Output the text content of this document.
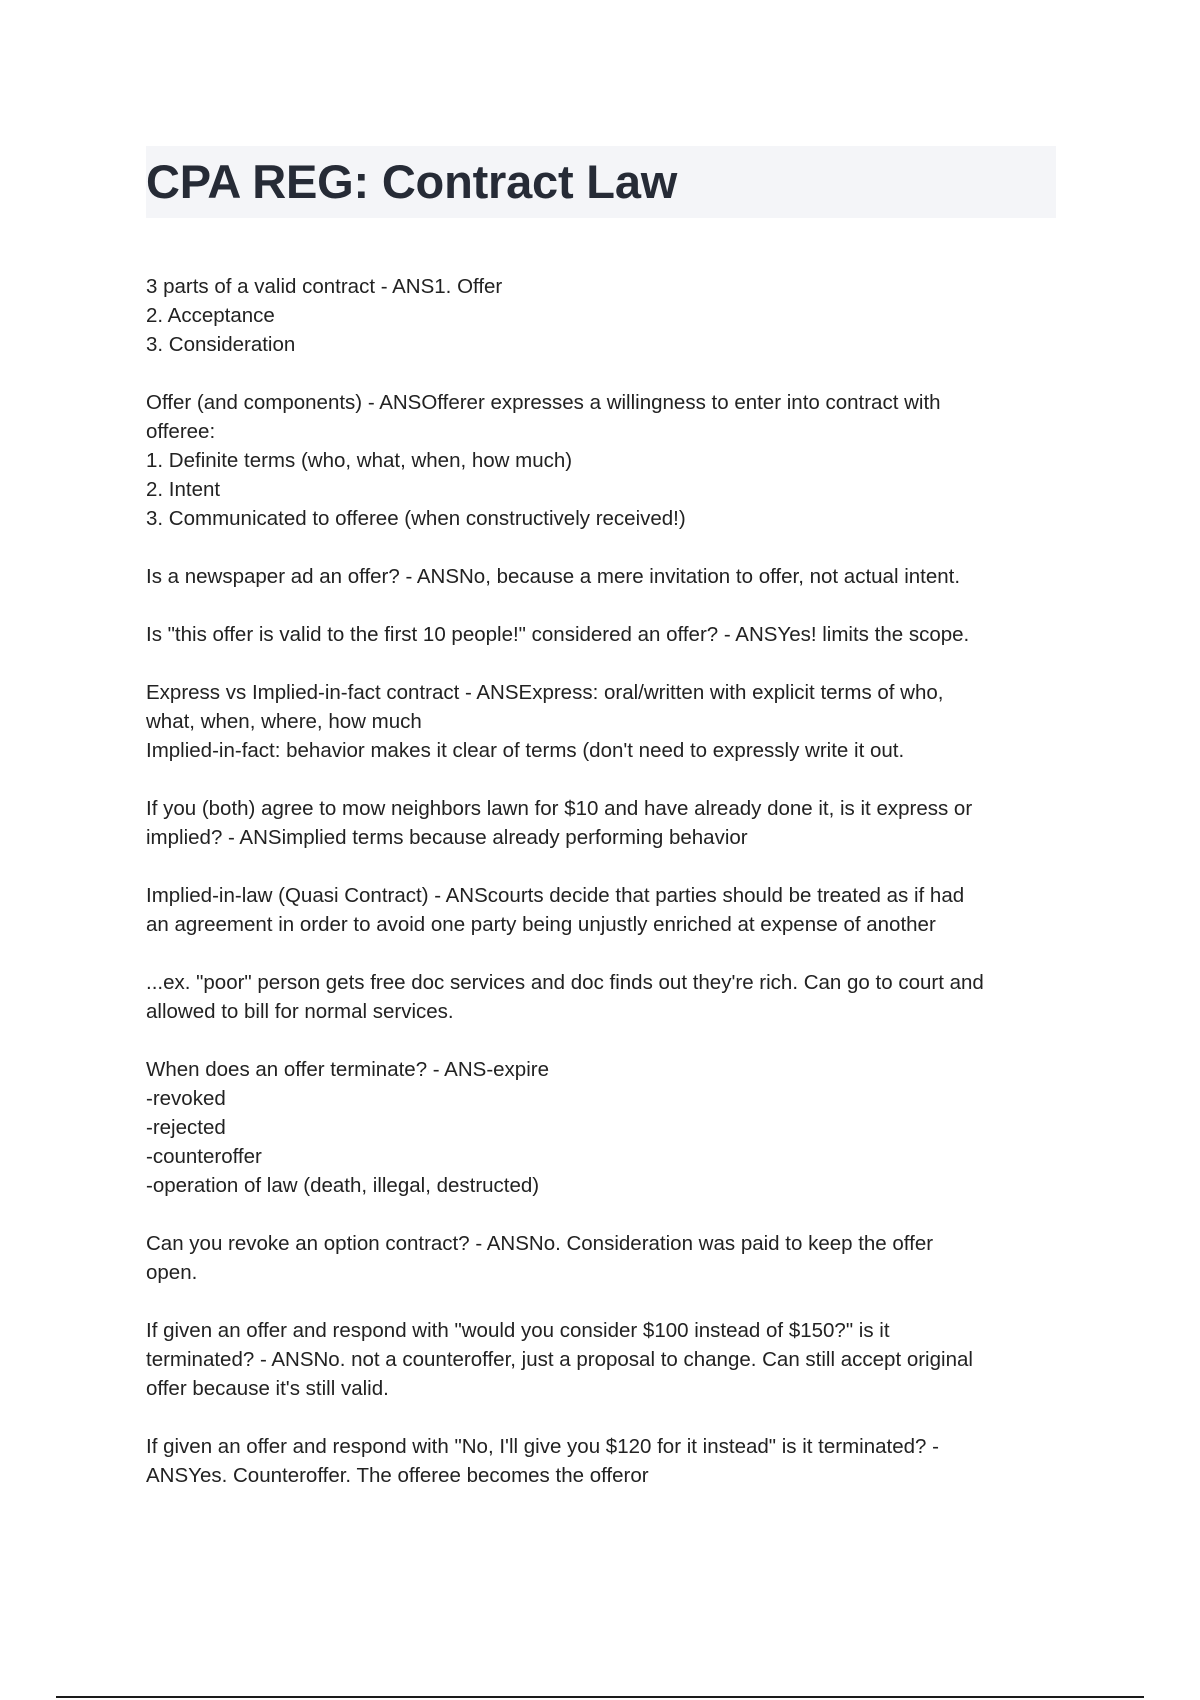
CPA REG: Contract Law

3 parts of a valid contract - ANS1. Offer
2. Acceptance
3. Consideration

Offer (and components) - ANSOfferer expresses a willingness to enter into contract with
offeree:
1. Definite terms (who, what, when, how much)
2. Intent
3. Communicated to offeree (when constructively received!)

Is a newspaper ad an offer? - ANSNo, because a mere invitation to offer, not actual intent.

Is "this offer is valid to the first 10 people!" considered an offer? - ANSYes! limits the scope.

Express vs Implied-in-fact contract - ANSExpress: oral/written with explicit terms of who,
what, when, where, how much
Implied-in-fact: behavior makes it clear of terms (don't need to expressly write it out.

If you (both) agree to mow neighbors lawn for $10 and have already done it, is it express or
implied? - ANSimplied terms because already performing behavior

Implied-in-law (Quasi Contract) - ANScourts decide that parties should be treated as if had
an agreement in order to avoid one party being unjustly enriched at expense of another

...ex. "poor" person gets free doc services and doc finds out they're rich. Can go to court and
allowed to bill for normal services.

When does an offer terminate? - ANS-expire
-revoked
-rejected
-counteroffer
-operation of law (death, illegal, destructed)

Can you revoke an option contract? - ANSNo. Consideration was paid to keep the offer
open.

If given an offer and respond with "would you consider $100 instead of $150?" is it
terminated? - ANSNo. not a counteroffer, just a proposal to change. Can still accept original
offer because it's still valid.

If given an offer and respond with "No, I'll give you $120 for it instead" is it terminated? -
ANSYes. Counteroffer. The offeree becomes the offeror
